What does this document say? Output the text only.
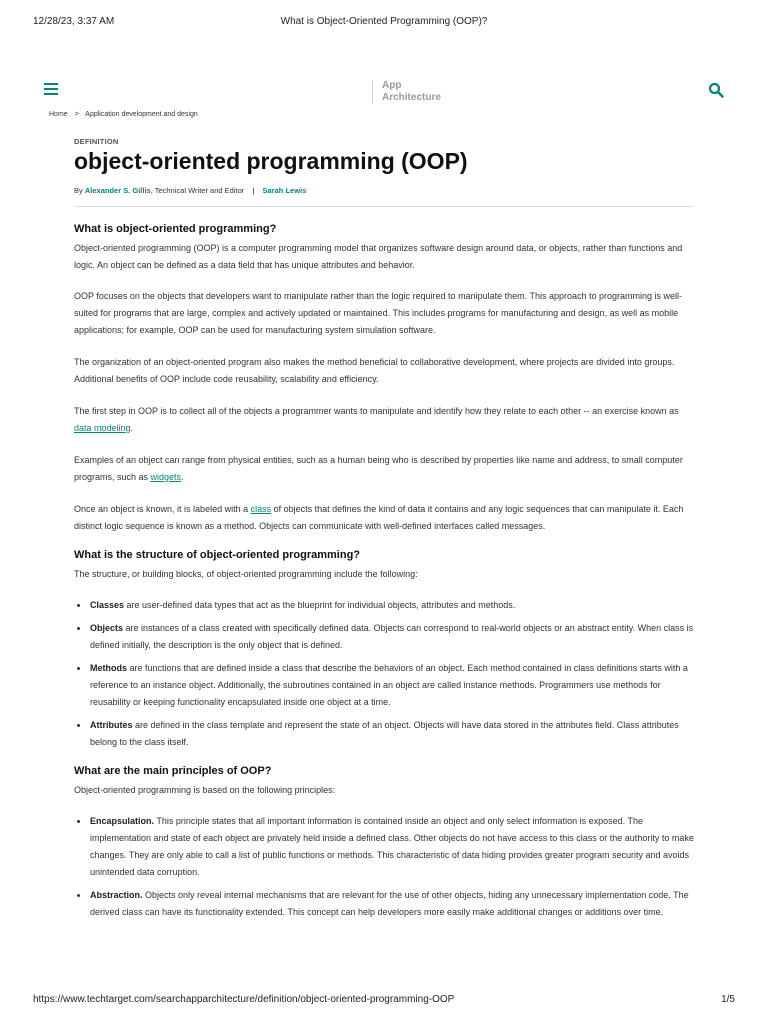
12/28/23, 3:37 AM	What is Object-Oriented Programming (OOP)?
App
Architecture
Home > Application development and design
DEFINITION
object-oriented programming (OOP)
By Alexander S. Gillis, Technical Writer and Editor | Sarah Lewis
What is object-oriented programming?

Object-oriented programming (OOP) is a computer programming model that organizes software design around data, or objects, rather than functions and logic. An object can be defined as a data field that has unique attributes and behavior.

OOP focuses on the objects that developers want to manipulate rather than the logic required to manipulate them. This approach to programming is well-suited for programs that are large, complex and actively updated or maintained. This includes programs for manufacturing and design, as well as mobile applications; for example, OOP can be used for manufacturing system simulation software.

The organization of an object-oriented program also makes the method beneficial to collaborative development, where projects are divided into groups. Additional benefits of OOP include code reusability, scalability and efficiency.

The first step in OOP is to collect all of the objects a programmer wants to manipulate and identify how they relate to each other -- an exercise known as data modeling.

Examples of an object can range from physical entities, such as a human being who is described by properties like name and address, to small computer programs, such as widgets.

Once an object is known, it is labeled with a class of objects that defines the kind of data it contains and any logic sequences that can manipulate it. Each distinct logic sequence is known as a method. Objects can communicate with well-defined interfaces called messages.

What is the structure of object-oriented programming?

The structure, or building blocks, of object-oriented programming include the following:

Classes are user-defined data types that act as the blueprint for individual objects, attributes and methods.
Objects are instances of a class created with specifically defined data. Objects can correspond to real-world objects or an abstract entity. When class is defined initially, the description is the only object that is defined.
Methods are functions that are defined inside a class that describe the behaviors of an object. Each method contained in class definitions starts with a reference to an instance object. Additionally, the subroutines contained in an object are called instance methods. Programmers use methods for reusability or keeping functionality encapsulated inside one object at a time.
Attributes are defined in the class template and represent the state of an object. Objects will have data stored in the attributes field. Class attributes belong to the class itself.
What are the main principles of OOP?

Object-oriented programming is based on the following principles:

Encapsulation. This principle states that all important information is contained inside an object and only select information is exposed. The implementation and state of each object are privately held inside a defined class. Other objects do not have access to this class or the authority to make changes. They are only able to call a list of public functions or methods. This characteristic of data hiding provides greater program security and avoids unintended data corruption.
Abstraction. Objects only reveal internal mechanisms that are relevant for the use of other objects, hiding any unnecessary implementation code. The derived class can have its functionality extended. This concept can help developers more easily make additional changes or additions over time.
https://www.techtarget.com/searchapparchitecture/definition/object-oriented-programming-OOP	1/5
